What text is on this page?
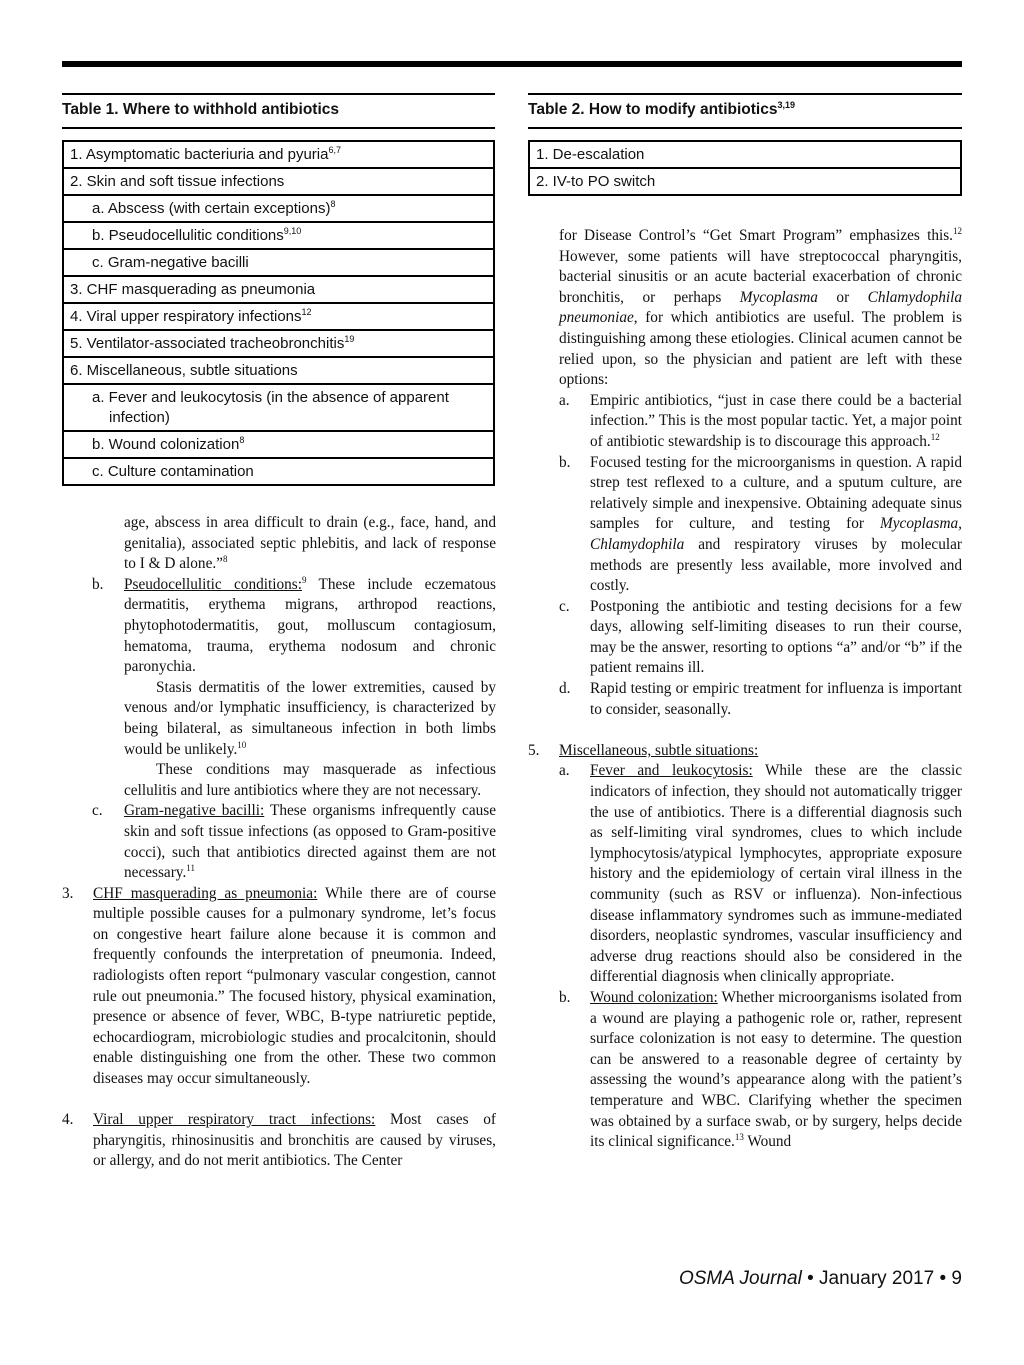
Table 1. Where to withhold antibiotics
1. Asymptomatic bacteriuria and pyuria$^{6,7}$
2. Skin and soft tissue infections
a. Abscess (with certain exceptions)$^8$
b. Pseudocellulitic conditions$^{9,10}$
c. Gram-negative bacilli
3. CHF masquerading as pneumonia
4. Viral upper respiratory infections$^{12}$
5. Ventilator-associated tracheobronchitis$^{19}$
6. Miscellaneous, subtle situations
a. Fever and leukocytosis (in the absence of apparent
infection)
b. Wound colonization$^8$
c. Culture contamination
Table 2. How to modify antibiotics$^{3,19}$
1. De-escalation
2. IV-to PO switch

age, abscess in area difficult to drain (e.g., face, hand, and genitalia), associated septic phlebitis, and lack of response to I & D alone.”$^8$

b. Pseudocellulitic conditions:$^9$ These include eczematous dermatitis, erythema migrans, arthropod reactions, phytophotodermatitis, gout, molluscum contagiosum, hematoma, trauma, erythema nodosum and chronic paronychia.

Stasis dermatitis of the lower extremities, caused by venous and/or lymphatic insufficiency, is characterized by being bilateral, as simultaneous infection in both limbs would be unlikely.$^{10}$

These conditions may masquerade as infectious cellulitis and lure antibiotics where they are not necessary.

c. Gram-negative bacilli: These organisms infrequently cause skin and soft tissue infections (as opposed to Gram-positive cocci), such that antibiotics directed against them are not necessary.$^{11}$

3. CHF masquerading as pneumonia: While there are of course multiple possible causes for a pulmonary syndrome, let’s focus on congestive heart failure alone because it is common and frequently confounds the interpretation of pneumonia. Indeed, radiologists often report “pulmonary vascular congestion, cannot rule out pneumonia.” The focused history, physical examination, presence or absence of fever, WBC, B-type natriuretic peptide, echocardiogram, microbiologic studies and procalcitonin, should enable distinguishing one from the other. These two common diseases may occur simultaneously.

4. Viral upper respiratory tract infections: Most cases of pharyngitis, rhinosinusitis and bronchitis are caused by viruses, or allergy, and do not merit antibiotics. The Center

for Disease Control’s “Get Smart Program” emphasizes this.$^{12}$ However, some patients will have streptococcal pharyngitis, bacterial sinusitis or an acute bacterial exacerbation of chronic bronchitis, or perhaps Mycoplasma or Chlamydophila pneumoniae, for which antibiotics are useful. The problem is distinguishing among these etiologies. Clinical acumen cannot be relied upon, so the physician and patient are left with these options:

a. Empiric antibiotics, “just in case there could be a bacterial infection.” This is the most popular tactic. Yet, a major point of antibiotic stewardship is to discourage this approach.$^{12}$

b. Focused testing for the microorganisms in question. A rapid strep test reflexed to a culture, and a sputum culture, are relatively simple and inexpensive. Obtaining adequate sinus samples for culture, and testing for Mycoplasma, Chlamydophila and respiratory viruses by molecular methods are presently less available, more involved and costly.

c. Postponing the antibiotic and testing decisions for a few days, allowing self-limiting diseases to run their course, may be the answer, resorting to options “a” and/or “b” if the patient remains ill.

d. Rapid testing or empiric treatment for influenza is important to consider, seasonally.

5. Miscellaneous, subtle situations:

a. Fever and leukocytosis: While these are the classic indicators of infection, they should not automatically trigger the use of antibiotics. There is a differential diagnosis such as self-limiting viral syndromes, clues to which include lymphocytosis/atypical lymphocytes, appropriate exposure history and the epidemiology of certain viral illness in the community (such as RSV or influenza). Non-infectious disease inflammatory syndromes such as immune-mediated disorders, neoplastic syndromes, vascular insufficiency and adverse drug reactions should also be considered in the differential diagnosis when clinically appropriate.

b. Wound colonization: Whether microorganisms isolated from a wound are playing a pathogenic role or, rather, represent surface colonization is not easy to determine. The question can be answered to a reasonable degree of certainty by assessing the wound’s appearance along with the patient’s temperature and WBC. Clarifying whether the specimen was obtained by a surface swab, or by surgery, helps decide its clinical significance.$^{13}$ Wound

OSMA Journal • January 2017 • 9
